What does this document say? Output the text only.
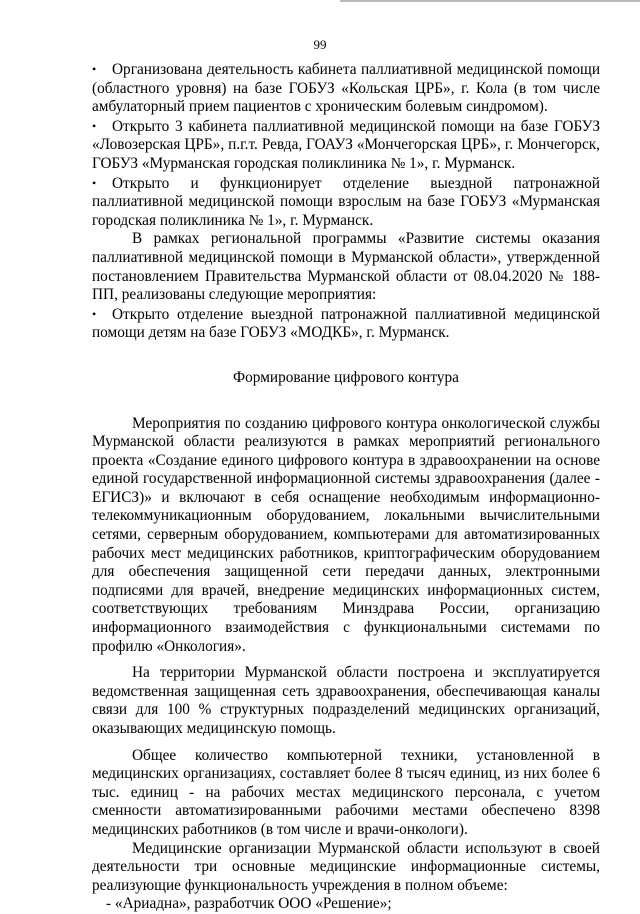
99

• Организована деятельность кабинета паллиативной медицинской помощи (областного уровня) на базе ГОБУЗ «Кольская ЦРБ», г. Кола (в том числе амбулаторный прием пациентов с хроническим болевым синдромом).

• Открыто 3 кабинета паллиативной медицинской помощи на базе ГОБУЗ «Ловозерская ЦРБ», п.г.т. Ревда, ГОАУЗ «Мончегорская ЦРБ», г. Мончегорск, ГОБУЗ «Мурманская городская поликлиника № 1», г. Мурманск.

• Открыто и функционирует отделение выездной патронажной паллиативной медицинской помощи взрослым на базе ГОБУЗ «Мурманская городская поликлиника № 1», г. Мурманск.

В рамках региональной программы «Развитие системы оказания паллиативной медицинской помощи в Мурманской области», утвержденной постановлением Правительства Мурманской области от 08.04.2020 № 188-ПП, реализованы следующие мероприятия:

• Открыто отделение выездной патронажной паллиативной медицинской помощи детям на базе ГОБУЗ «МОДКБ», г. Мурманск.

Формирование цифрового контура

Мероприятия по созданию цифрового контура онкологической службы Мурманской области реализуются в рамках мероприятий регионального проекта «Создание единого цифрового контура в здравоохранении на основе единой государственной информационной системы здравоохранения (далее - ЕГИСЗ)» и включают в себя оснащение необходимым информационно-телекоммуникационным оборудованием, локальными вычислительными сетями, серверным оборудованием, компьютерами для автоматизированных рабочих мест медицинских работников, криптографическим оборудованием для обеспечения защищенной сети передачи данных, электронными подписями для врачей, внедрение медицинских информационных систем, соответствующих требованиям Минздрава России, организацию информационного взаимодействия с функциональными системами по профилю «Онкология».

На территории Мурманской области построена и эксплуатируется ведомственная защищенная сеть здравоохранения, обеспечивающая каналы связи для 100 % структурных подразделений медицинских организаций, оказывающих медицинскую помощь.

Общее количество компьютерной техники, установленной в медицинских организациях, составляет более 8 тысяч единиц, из них более 6 тыс. единиц - на рабочих местах медицинского персонала, с учетом сменности автоматизированными рабочими местами обеспечено 8398 медицинских работников (в том числе и врачи-онкологи).

Медицинские организации Мурманской области используют в своей деятельности три основные медицинские информационные системы, реализующие функциональность учреждения в полном объеме:

- «Ариадна», разработчик ООО «Решение»;
